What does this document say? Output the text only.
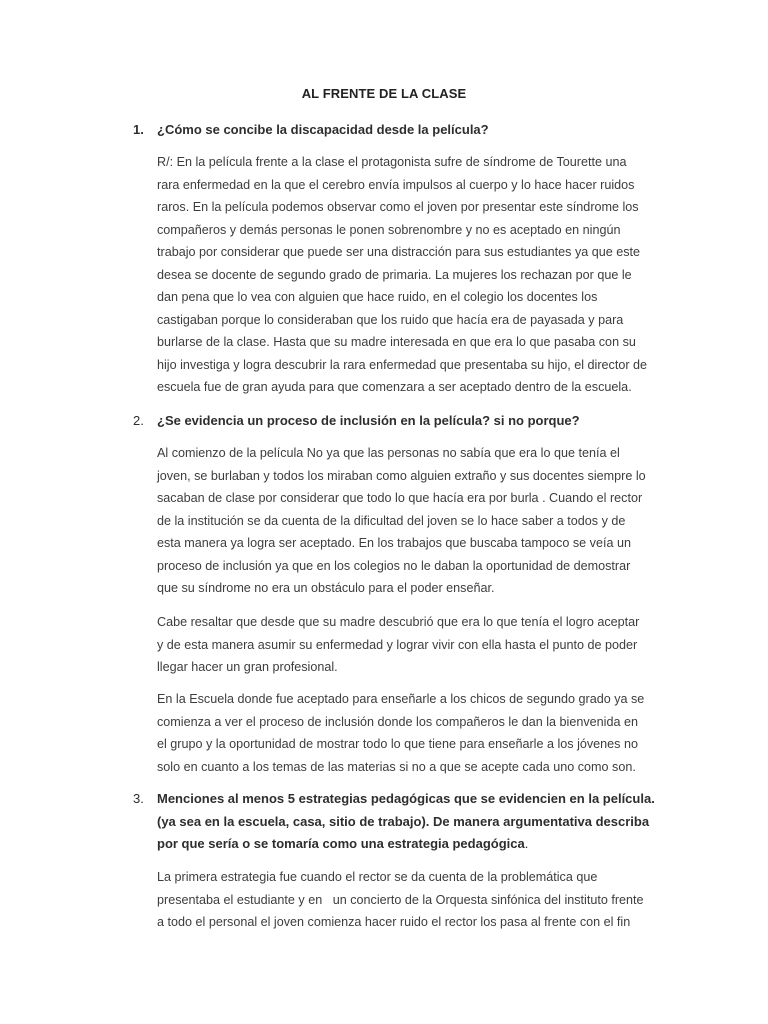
AL FRENTE DE LA CLASE
1. ¿Cómo se concibe la discapacidad desde la película?
R/: En la película frente a la clase el protagonista sufre de síndrome de Tourette una
rara enfermedad en la que el cerebro envía impulsos al cuerpo y lo hace hacer ruidos
raros. En la película podemos observar como el joven por presentar este síndrome los
compañeros y demás personas le ponen sobrenombre y no es aceptado en ningún
trabajo por considerar que puede ser una distracción para sus estudiantes ya que este
desea se docente de segundo grado de primaria. La mujeres los rechazan por que le
dan pena que lo vea con alguien que hace ruido, en el colegio los docentes los
castigaban porque lo consideraban que los ruido que hacía era de payasada y para
burlarse de la clase. Hasta que su madre interesada en que era lo que pasaba con su
hijo investiga y logra descubrir la rara enfermedad que presentaba su hijo, el director de
escuela fue de gran ayuda para que comenzara a ser aceptado dentro de la escuela.
2. ¿Se evidencia un proceso de inclusión en la película? si no porque?
Al comienzo de la película No ya que las personas no sabía que era lo que tenía el
joven, se burlaban y todos los miraban como alguien extraño y sus docentes siempre lo
sacaban de clase por considerar que todo lo que hacía era por burla . Cuando el rector
de la institución se da cuenta de la dificultad del joven se lo hace saber a todos y de
esta manera ya logra ser aceptado. En los trabajos que buscaba tampoco se veía un
proceso de inclusión ya que en los colegios no le daban la oportunidad de demostrar
que su síndrome no era un obstáculo para el poder enseñar.
Cabe resaltar que desde que su madre descubrió que era lo que tenía el logro aceptar
y de esta manera asumir su enfermedad y lograr vivir con ella hasta el punto de poder
llegar hacer un gran profesional.
En la Escuela donde fue aceptado para enseñarle a los chicos de segundo grado ya se
comienza a ver el proceso de inclusión donde los compañeros le dan la bienvenida en
el grupo y la oportunidad de mostrar todo lo que tiene para enseñarle a los jóvenes no
solo en cuanto a los temas de las materias si no a que se acepte cada uno como son.
3. Menciones al menos 5 estrategias pedagógicas que se evidencien en la película.
(ya sea en la escuela, casa, sitio de trabajo). De manera argumentativa describa
por que sería o se tomaría como una estrategia pedagógica.
La primera estrategia fue cuando el rector se da cuenta de la problemática que
presentaba el estudiante y en   un concierto de la Orquesta sinfónica del instituto frente
a todo el personal el joven comienza hacer ruido el rector los pasa al frente con el fin
